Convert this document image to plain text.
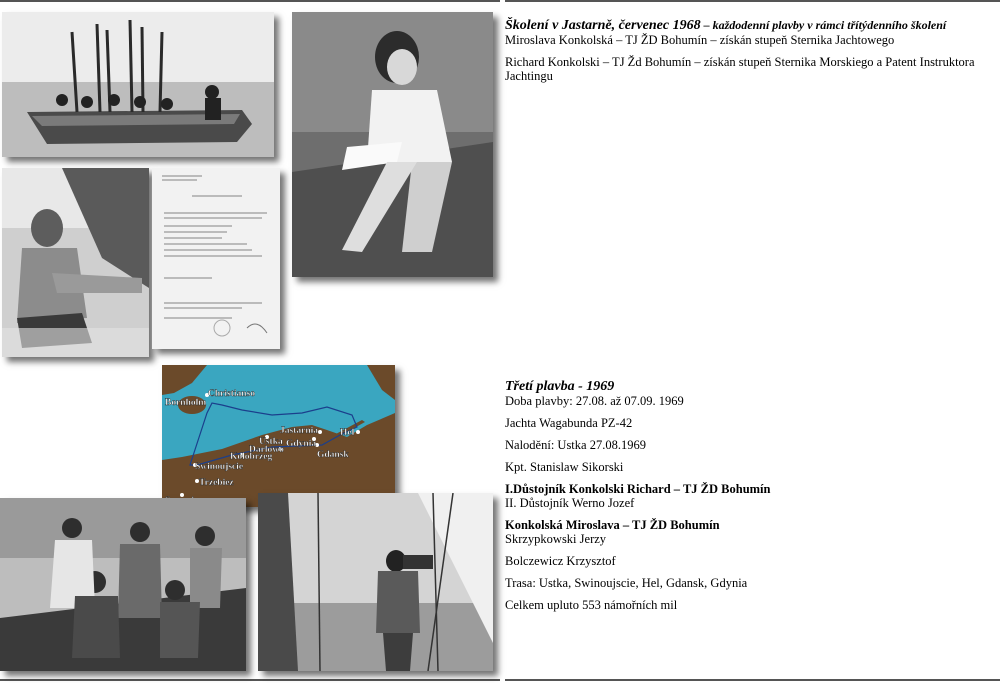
Christianso
Bornholm
Jastarnia Hel
Ustka Gdynia
Darlowo	Gdansk
Kolobrzeg
Swinoujscie
Trzebiez
Školení v Jastarně, červenec 1968 – každodenní plavby v rámci třítýdenního školení

Miroslava Konkolská – TJ ŽD Bohumín – získán stupeň Sternika Jachtowego

Richard Konkolski – TJ Žd Bohumín – získán stupeň Sternika Morskiego a Patent Instruktora Jachtingu

Třetí plavba - 1969

Doba plavby: 27.08. až 07.09. 1969

Jachta Wagabunda PZ-42

Nalodění: Ustka 27.08.1969

Kpt. Stanislaw Sikorski

I.Důstojník Konkolski Richard – TJ ŽD Bohumín

II. Důstojník Werno Jozef

Konkolská Miroslava – TJ ŽD Bohumín

Skrzypkowski Jerzy

Bolczewicz Krzysztof

Trasa: Ustka, Swinoujscie, Hel, Gdansk, Gdynia

Celkem upluto 553 námořních mil
